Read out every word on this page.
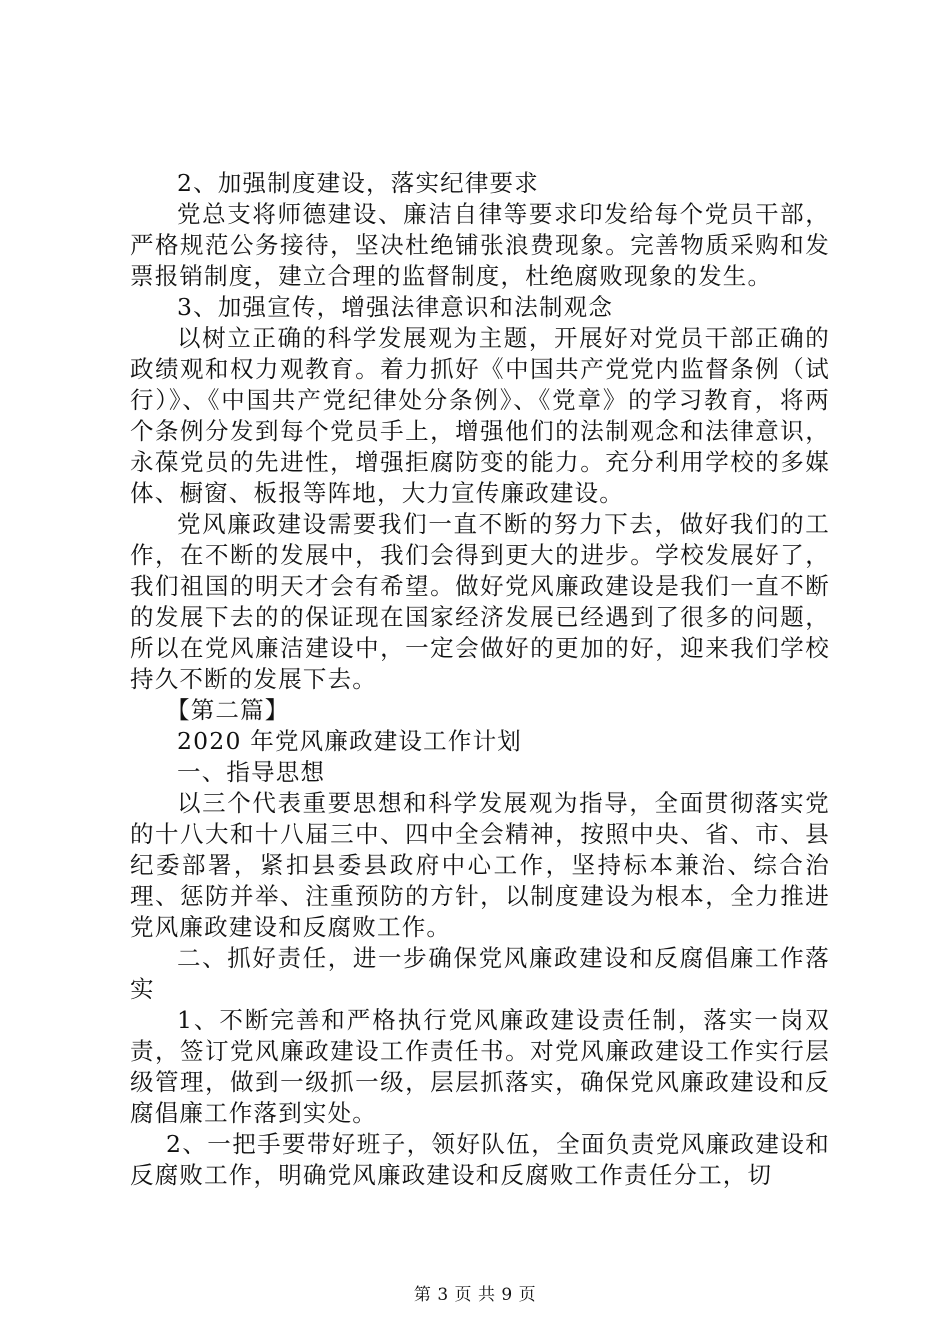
2、加强制度建设，落实纪律要求

党总支将师德建设、廉洁自律等要求印发给每个党员干部，严格规范公务接待，坚决杜绝铺张浪费现象。完善物质采购和发票报销制度，建立合理的监督制度，杜绝腐败现象的发生。

3、加强宣传，增强法律意识和法制观念

以树立正确的科学发展观为主题，开展好对党员干部正确的政绩观和权力观教育。着力抓好《中国共产党党内监督条例（试行）》、《中国共产党纪律处分条例》、《党章》的学习教育，将两个条例分发到每个党员手上，增强他们的法制观念和法律意识，永葆党员的先进性，增强拒腐防变的能力。充分利用学校的多媒体、橱窗、板报等阵地，大力宣传廉政建设。

党风廉政建设需要我们一直不断的努力下去，做好我们的工作，在不断的发展中，我们会得到更大的进步。学校发展好了，我们祖国的明天才会有希望。做好党风廉政建设是我们一直不断的发展下去的的保证现在国家经济发展已经遇到了很多的问题，所以在党风廉洁建设中，一定会做好的更加的好，迎来我们学校持久不断的发展下去。

【第二篇】

2020 年党风廉政建设工作计划

一、指导思想

以三个代表重要思想和科学发展观为指导，全面贯彻落实党的十八大和十八届三中、四中全会精神，按照中央、省、市、县纪委部署，紧扣县委县政府中心工作，坚持标本兼治、综合治理、惩防并举、注重预防的方针，以制度建设为根本，全力推进党风廉政建设和反腐败工作。

二、抓好责任，进一步确保党风廉政建设和反腐倡廉工作落实

1、不断完善和严格执行党风廉政建设责任制，落实一岗双责，签订党风廉政建设工作责任书。对党风廉政建设工作实行层级管理，做到一级抓一级，层层抓落实，确保党风廉政建设和反腐倡廉工作落到实处。

2、一把手要带好班子，领好队伍，全面负责党风廉政建设和反腐败工作，明确党风廉政建设和反腐败工作责任分工，切

第 3 页 共 9 页
